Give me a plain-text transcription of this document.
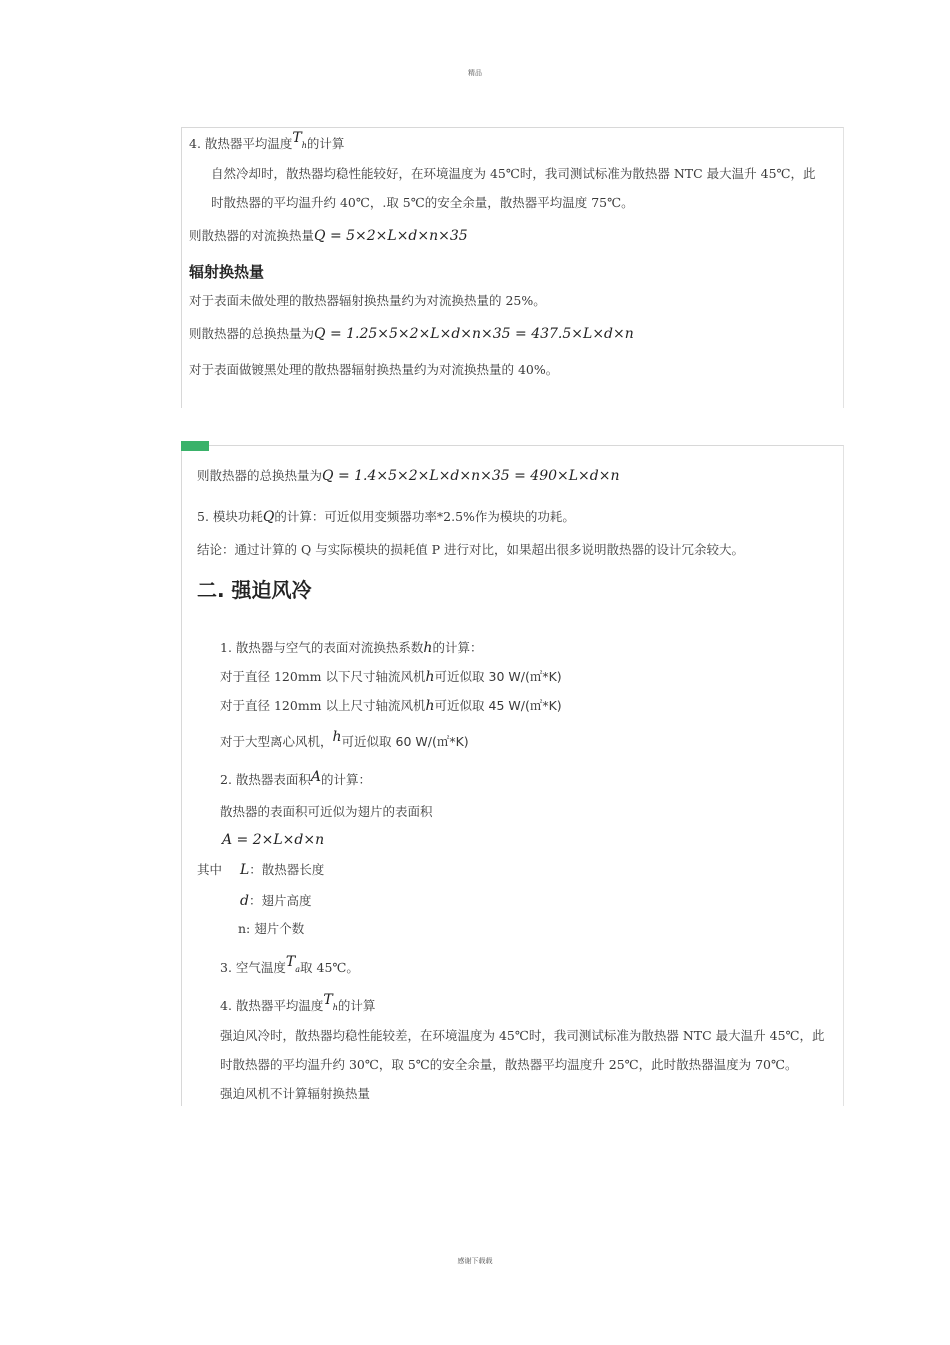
精品
4. 散热器平均温度$T_h$的计算
自然冷却时，散热器均稳性能较好，在环境温度为 45℃时，我司测试标准为散热器 NTC 最大温升 45℃，此
时散热器的平均温升约 40℃，.取 5℃的安全余量，散热器平均温度 75℃。
则散热器的对流换热量Q = 5×2×L×d×n×35
辐射换热量
对于表面未做处理的散热器辐射换热量约为对流换热量的 25%。
则散热器的总换热量为Q = 1.25×5×2×L×d×n×35 = 437.5×L×d×n
对于表面做镀黑处理的散热器辐射换热量约为对流换热量的 40%。
则散热器的总换热量为Q = 1.4×5×2×L×d×n×35 = 490×L×d×n
5. 模块功耗Q的计算：可近似用变频器功率*2.5%作为模块的功耗。
结论：通过计算的 Q 与实际模块的损耗值 P 进行对比，如果超出很多说明散热器的设计冗余较大。
二. 强迫风冷
1. 散热器与空气的表面对流换热系数h的计算：
对于直径 120mm 以下尺寸轴流风机h可近似取 30 W/(㎡*K)
对于直径 120mm 以上尺寸轴流风机h可近似取 45 W/(㎡*K)
对于大型离心风机，h可近似取 60 W/(㎡*K)
2. 散热器表面积A的计算：
散热器的表面积可近似为翅片的表面积
A = 2×L×d×n
其中 L：散热器长度
d：翅片高度
n: 翅片个数
3. 空气温度$T_a$取 45℃。
4. 散热器平均温度$T_h$的计算
强迫风冷时，散热器均稳性能较差，在环境温度为 45℃时，我司测试标准为散热器 NTC 最大温升 45℃，此
时散热器的平均温升约 30℃，取 5℃的安全余量，散热器平均温度升 25℃，此时散热器温度为 70℃。
强迫风机不计算辐射换热量
感谢下载载
